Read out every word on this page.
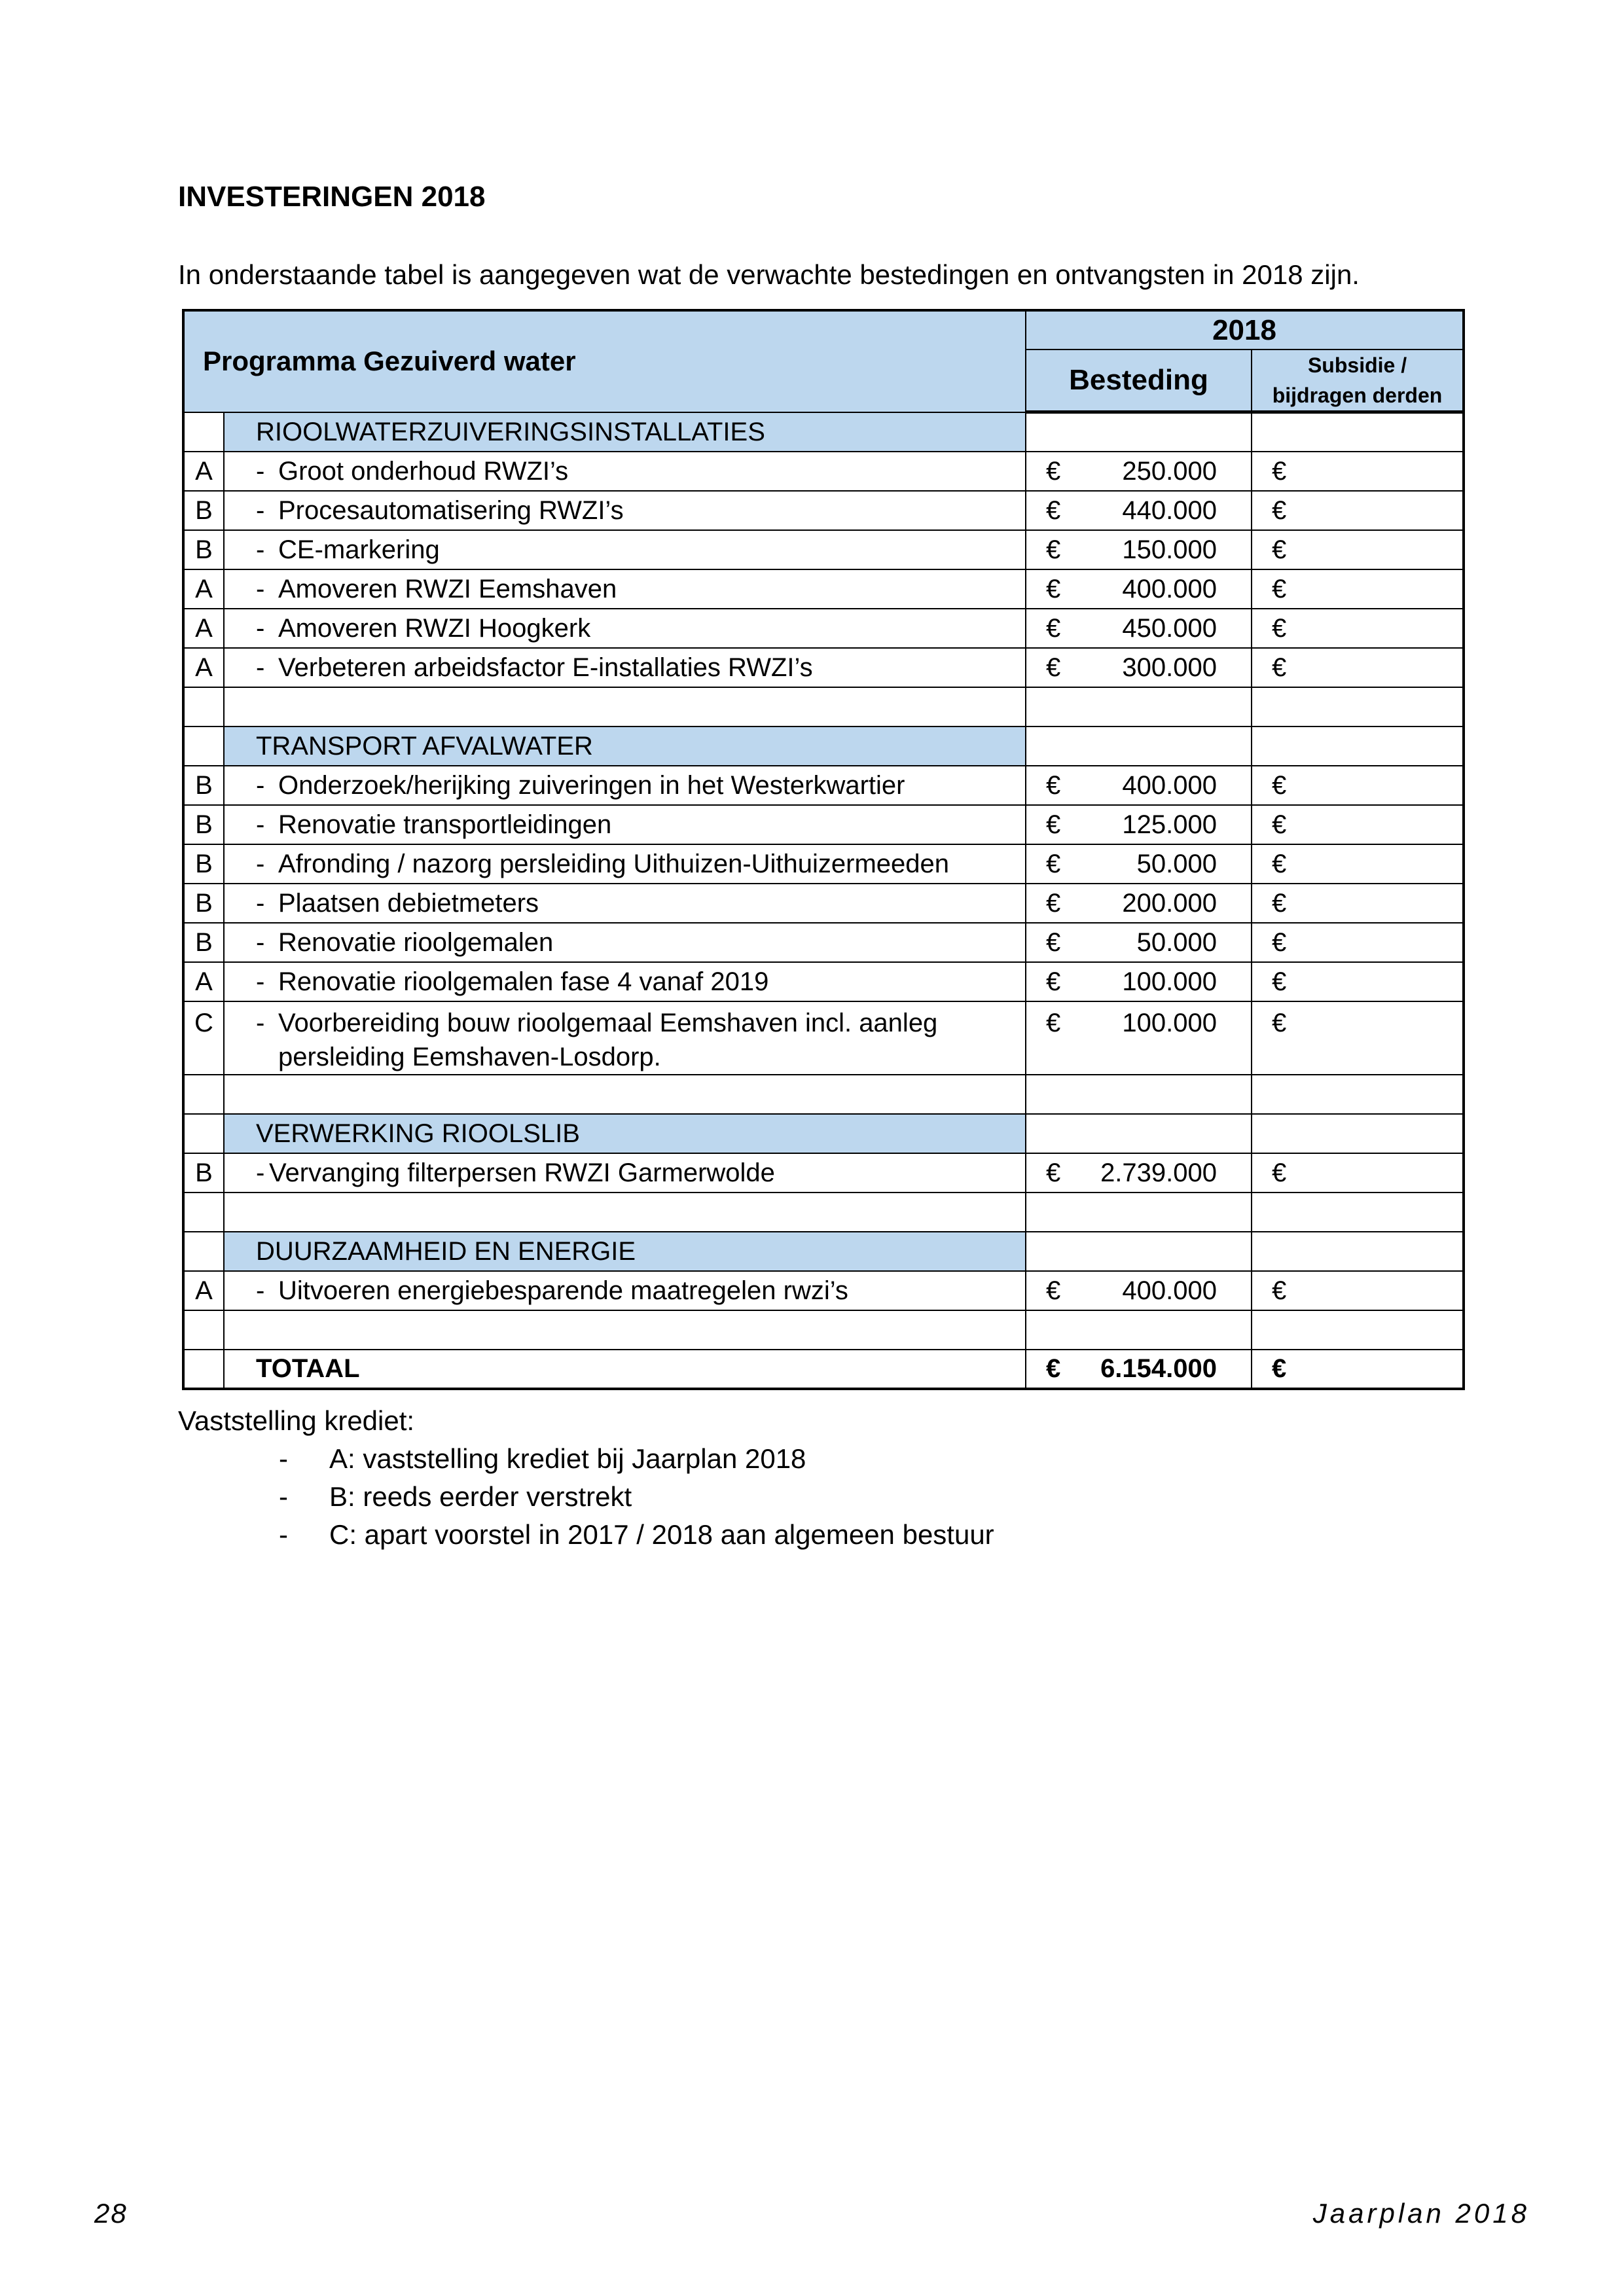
INVESTERINGEN 2018
In onderstaande tabel is aangegeven wat de verwachte bestedingen en ontvangsten in 2018 zijn.
Programma Gezuiverd water		2018	
		Besteding	Subsidie /
bijdragen derden

	RIOOLWATERZUIVERINGSINSTALLATIES		
A	- Groot onderhoud RWZI’s	€ 250.000	€
B	- Procesautomatisering RWZI’s	€ 440.000	€
B	- CE-markering	€ 150.000	€
A	- Amoveren RWZI Eemshaven	€ 400.000	€
A	- Amoveren RWZI Hoogkerk	€ 450.000	€
A	- Verbeteren arbeidsfactor E-installaties RWZI’s	€ 300.000	€

	TRANSPORT AFVALWATER		
B	- Onderzoek/herijking zuiveringen in het Westerkwartier	€ 400.000	€
B	- Renovatie transportleidingen	€ 125.000	€
B	- Afronding / nazorg persleiding Uithuizen-Uithuizermeeden	€ 50.000	€
B	- Plaatsen debietmeters	€ 200.000	€
B	- Renovatie rioolgemalen	€ 50.000	€
A	- Renovatie rioolgemalen fase 4 vanaf 2019	€ 100.000	€
C	- Voorbereiding bouw rioolgemaal Eemshaven incl. aanleg
persleiding Eemshaven-Losdorp.	€ 100.000	€

	VERWERKING RIOOLSLIB		
B	- Vervanging filterpersen RWZI Garmerwolde	€ 2.739.000	€

	DUURZAAMHEID EN ENERGIE		
A	- Uitvoeren energiebesparende maatregelen rwzi’s	€ 400.000	€

	TOTAAL	€ 6.154.000	€
Vaststelling krediet:
- A: vaststelling krediet bij Jaarplan 2018
- B: reeds eerder verstrekt
- C: apart voorstel in 2017 / 2018 aan algemeen bestuur
28	Jaarplan 2018
